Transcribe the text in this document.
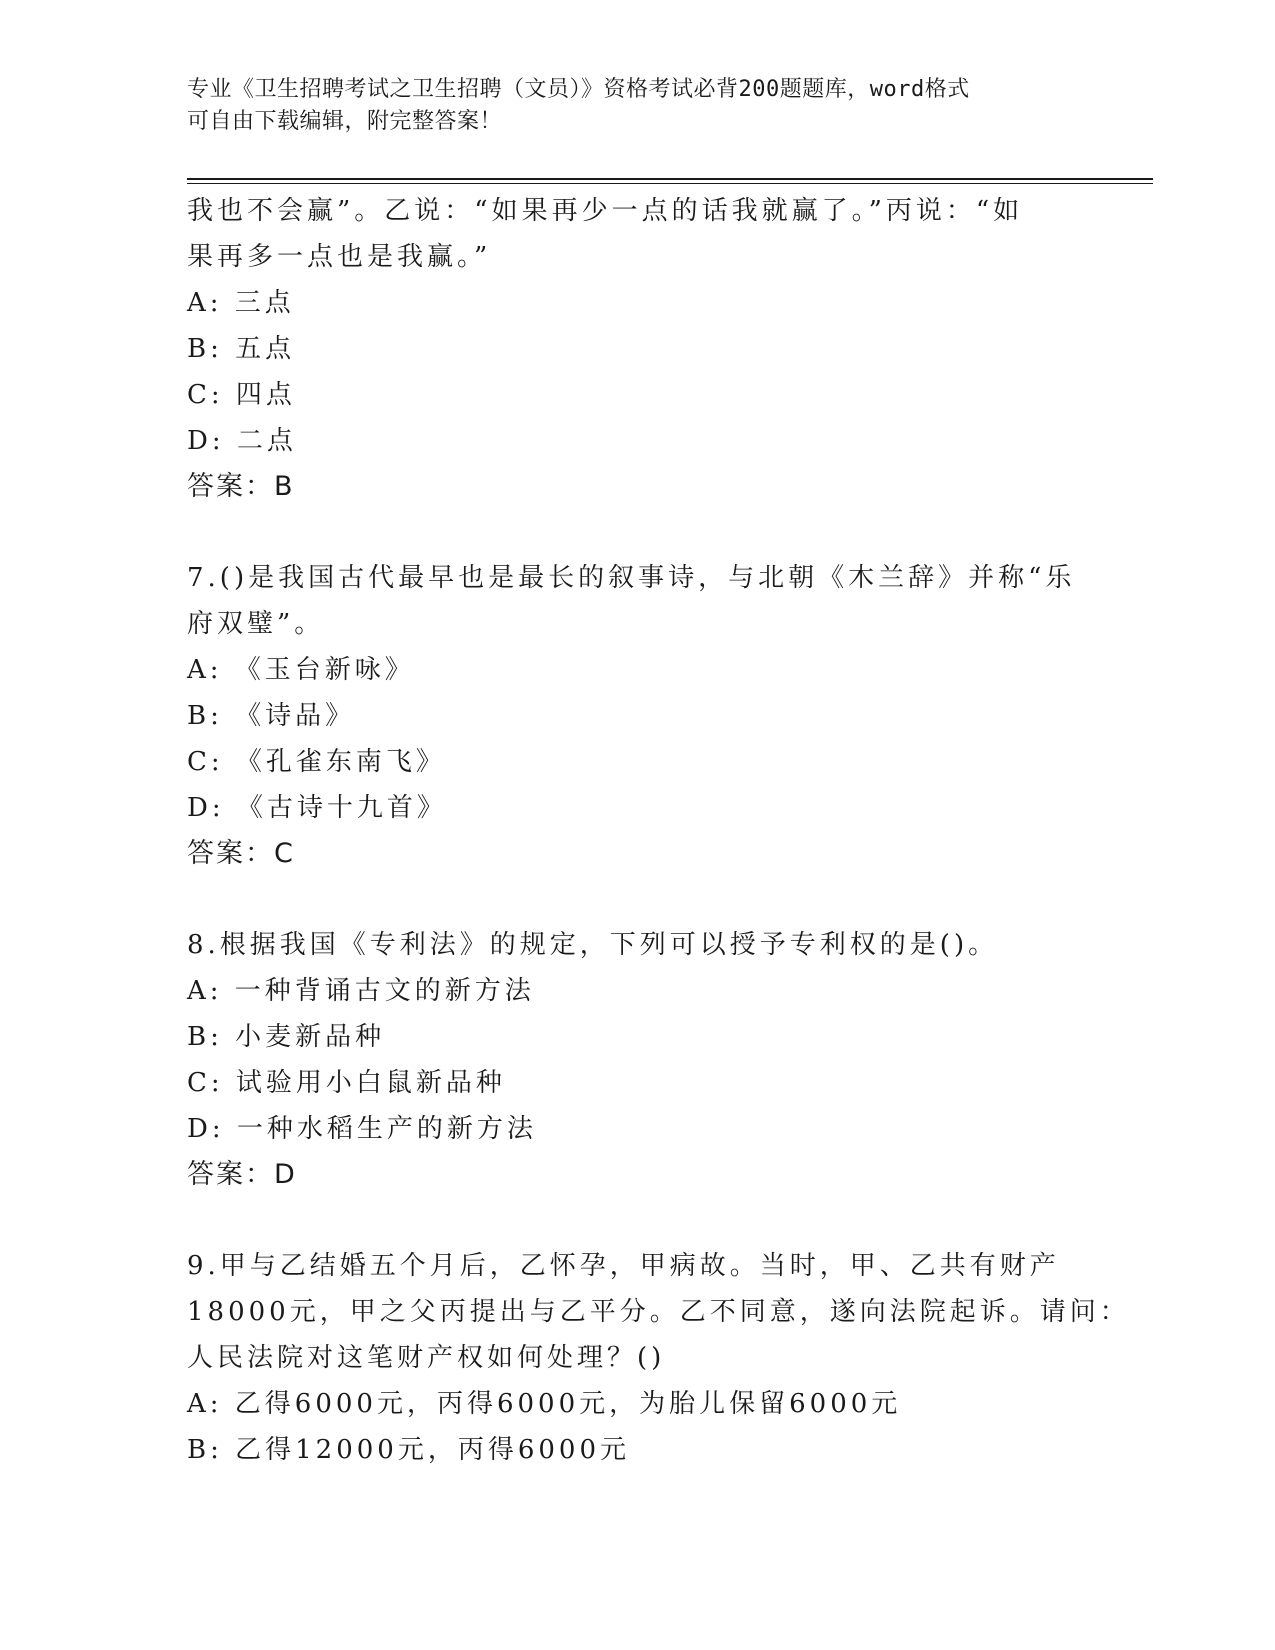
专业《卫生招聘考试之卫生招聘（文员）》资格考试必背200题题库，word格式
可自由下载编辑，附完整答案！
我也不会赢”。乙说：“如果再少一点的话我就赢了。”丙说：“如
果再多一点也是我赢。”
A: 三点
B: 五点
C: 四点
D: 二点
答案：B
7.()是我国古代最早也是最长的叙事诗，与北朝《木兰辞》并称“乐
府双璧”。
A: 《玉台新咏》
B: 《诗品》
C: 《孔雀东南飞》
D: 《古诗十九首》
答案：C
8.根据我国《专利法》的规定，下列可以授予专利权的是()。
A: 一种背诵古文的新方法
B: 小麦新品种
C: 试验用小白鼠新品种
D: 一种水稻生产的新方法
答案：D
9.甲与乙结婚五个月后，乙怀孕，甲病故。当时，甲、乙共有财产
18000元，甲之父丙提出与乙平分。乙不同意，遂向法院起诉。请问：
人民法院对这笔财产权如何处理？()
A: 乙得6000元，丙得6000元，为胎儿保留6000元
B: 乙得12000元，丙得6000元
